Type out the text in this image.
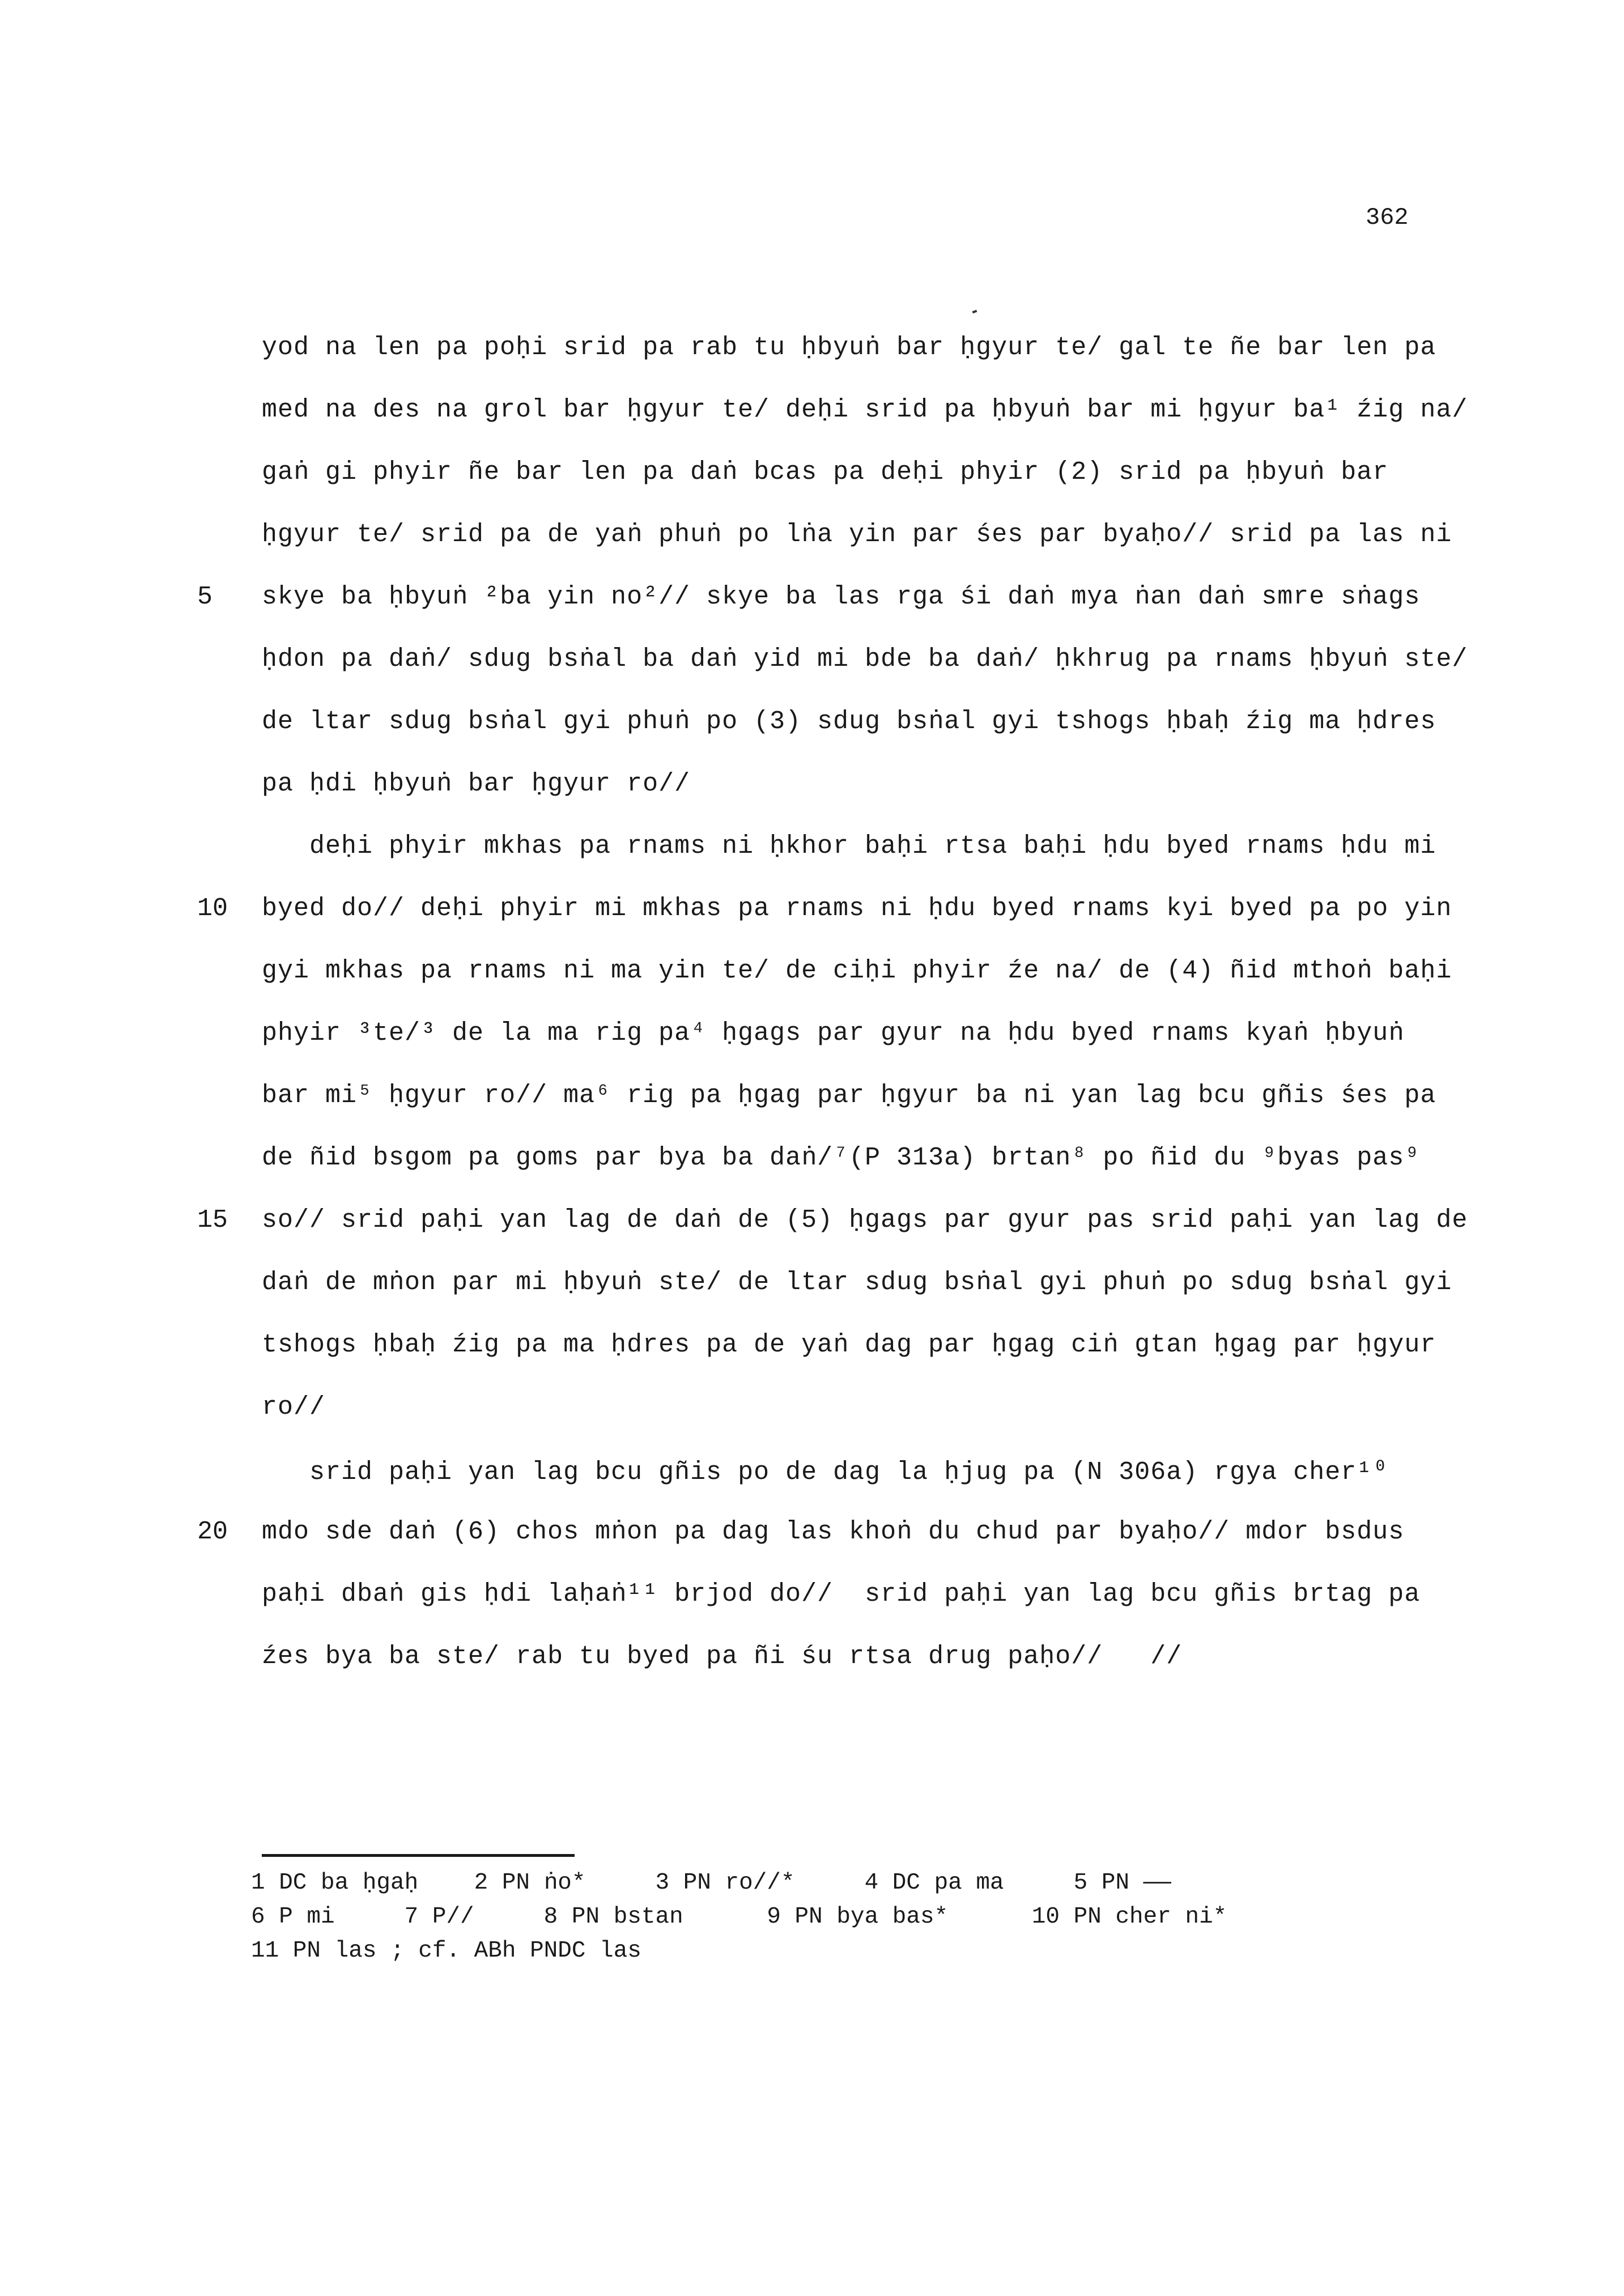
362
yod na len pa poḥi srid pa rab tu ḥbyuṅ bar ḥgyur te/ gal te ñe bar len pa
med na des na grol bar ḥgyur te/ deḥi srid pa ḥbyuṅ bar mi ḥgyur ba¹ źig na/
gaṅ gi phyir ñe bar len pa daṅ bcas pa deḥi phyir (2) srid pa ḥbyuṅ bar
ḥgyur te/ srid pa de yaṅ phuṅ po lṅa yin par śes par byaḥo// srid pa las ni
5 skye ba ḥbyuṅ ²ba yin no²// skye ba las rga śi daṅ mya ṅan daṅ smre sṅags
ḥdon pa daṅ/ sdug bsṅal ba daṅ yid mi bde ba daṅ/ ḥkhrug pa rnams ḥbyuṅ ste/
de ltar sdug bsṅal gyi phuṅ po (3) sdug bsṅal gyi tshogs ḥbaḥ źig ma ḥdres
pa ḥdi ḥbyuṅ bar ḥgyur ro//
deḥi phyir mkhas pa rnams ni ḥkhor baḥi rtsa baḥi ḥdu byed rnams ḥdu mi
10 byed do// deḥi phyir mi mkhas pa rnams ni ḥdu byed rnams kyi byed pa po yin
gyi mkhas pa rnams ni ma yin te/ de ciḥi phyir źe na/ de (4) ñid mthoṅ baḥi
phyir ³te/³ de la ma rig pa⁴ ḥgags par gyur na ḥdu byed rnams kyaṅ ḥbyuṅ
bar mi⁵ ḥgyur ro// ma⁶ rig pa ḥgag par ḥgyur ba ni yan lag bcu gñis śes pa
de ñid bsgom pa goms par bya ba daṅ/⁷(P 313a) brtan⁸ po ñid du ⁹byas pas⁹
15 so// srid paḥi yan lag de daṅ de (5) ḥgags par gyur pas srid paḥi yan lag de
daṅ de mṅon par mi ḥbyuṅ ste/ de ltar sdug bsṅal gyi phuṅ po sdug bsṅal gyi
tshogs ḥbaḥ źig pa ma ḥdres pa de yaṅ dag par ḥgag ciṅ gtan ḥgag par ḥgyur
ro//
srid paḥi yan lag bcu gñis po de dag la ḥjug pa (N 306a) rgya cher¹⁰
20 mdo sde daṅ (6) chos mṅon pa dag las khoṅ du chud par byaḥo// mdor bsdus
paḥi dbaṅ gis ḥdi laḥaṅ¹¹ brjod do//  srid paḥi yan lag bcu gñis brtag pa
źes bya ba ste/ rab tu byed pa ñi śu rtsa drug paḥo//   //
1 DC ba ḥgaḥ    2 PN ṅo*     3 PN ro//*     4 DC pa ma     5 PN ——
6 P mi     7 P//     8 PN bstan      9 PN bya bas*      10 PN cher ni*
11 PN las ; cf. ABh PNDC las
